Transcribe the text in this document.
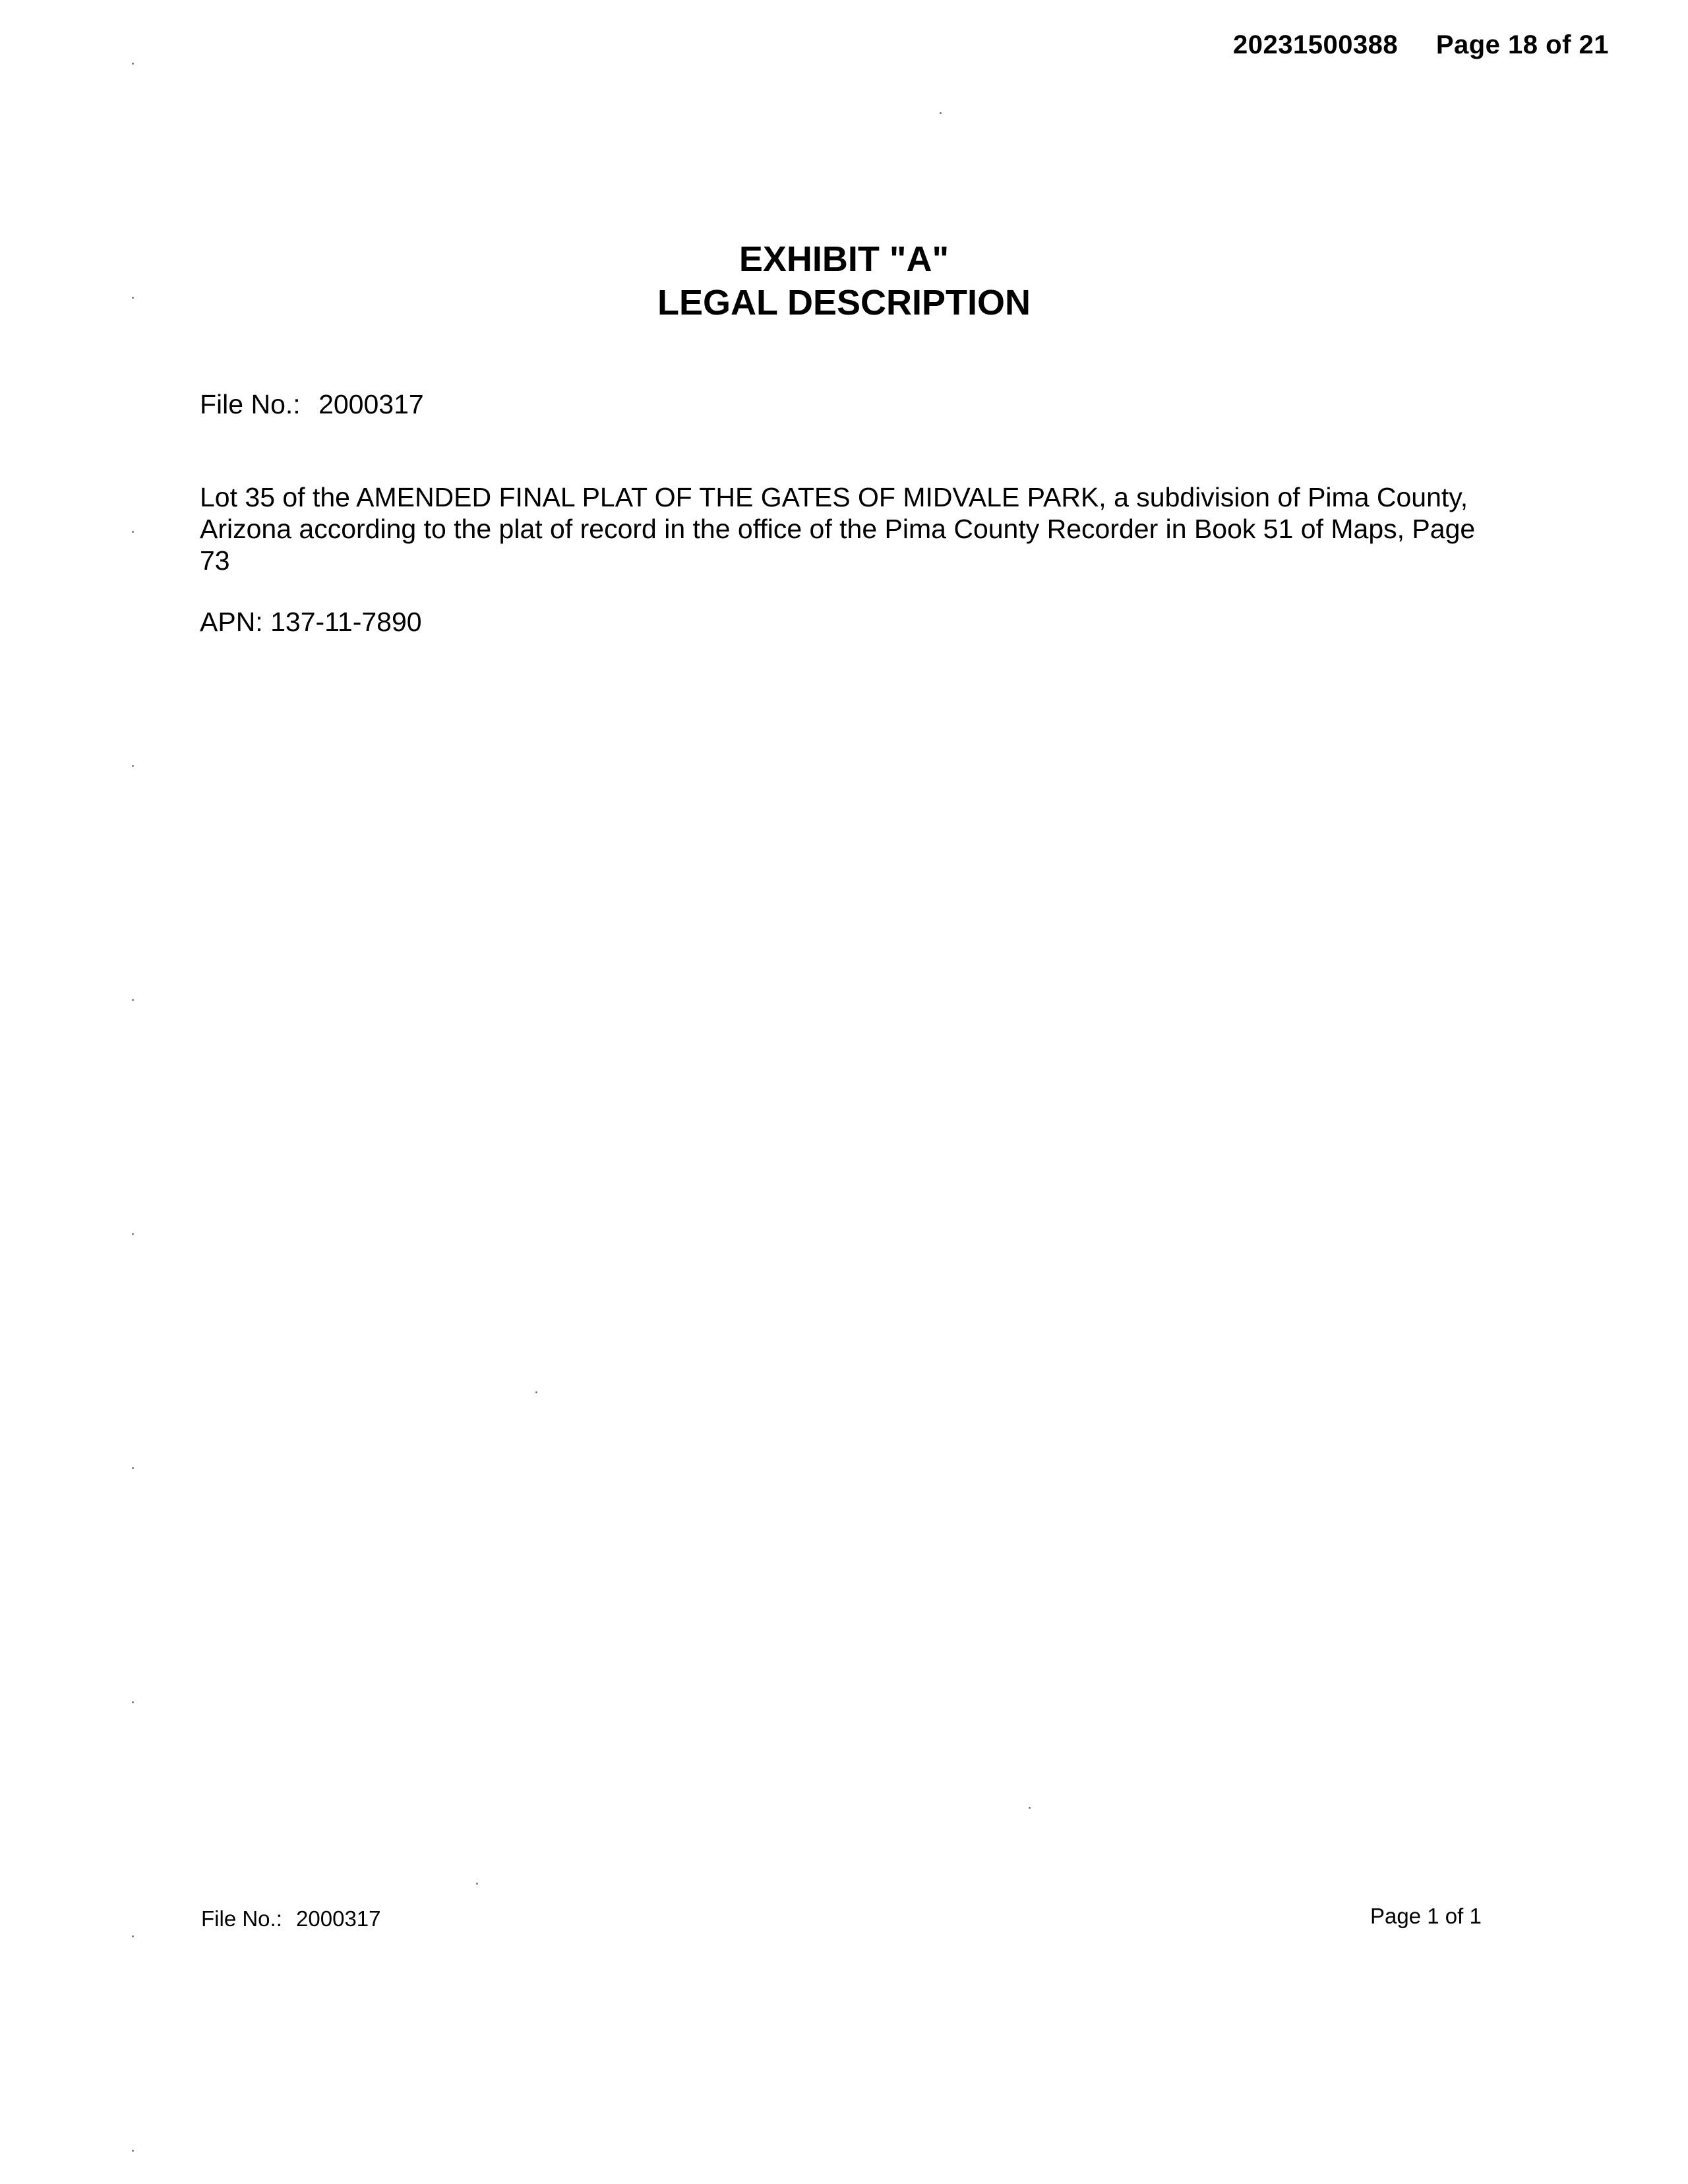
20231500388 Page 18 of 21
EXHIBIT "A"
LEGAL DESCRIPTION
File No.: 2000317
Lot 35 of the AMENDED FINAL PLAT OF THE GATES OF MIDVALE PARK, a subdivision of Pima County, Arizona according to the plat of record in the office of the Pima County Recorder in Book 51 of Maps, Page 73
APN: 137-11-7890
File No.: 2000317	Page 1 of 1
